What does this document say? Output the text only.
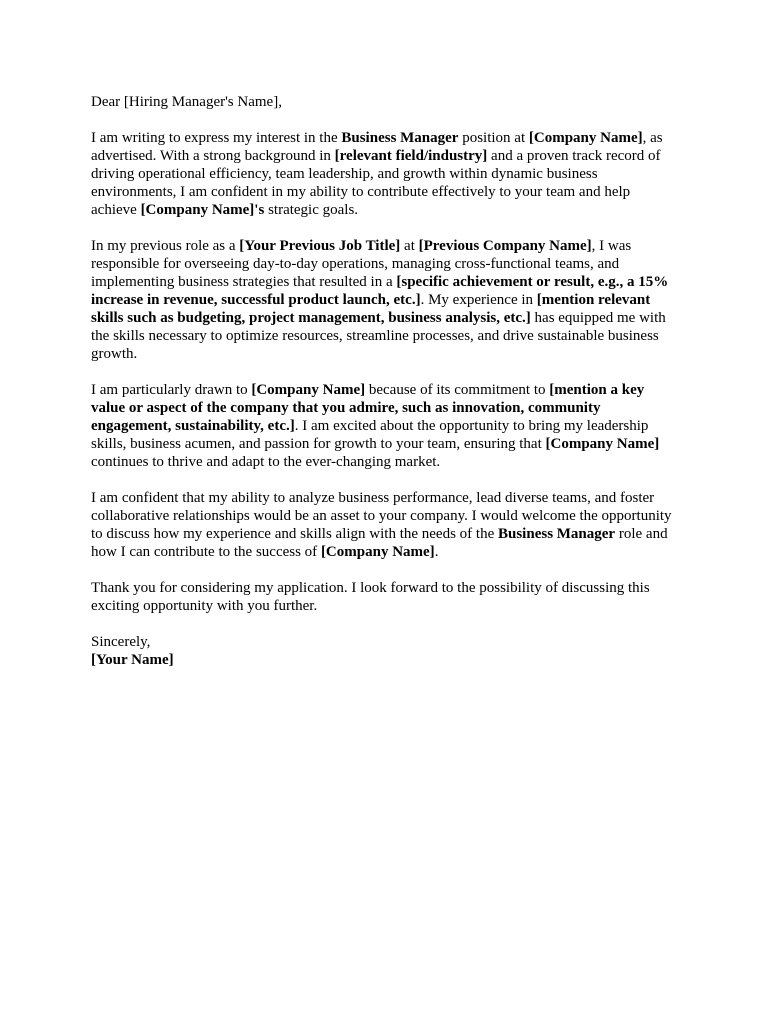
Dear [Hiring Manager's Name],

I am writing to express my interest in the Business Manager position at [Company Name], as advertised. With a strong background in [relevant field/industry] and a proven track record of driving operational efficiency, team leadership, and growth within dynamic business environments, I am confident in my ability to contribute effectively to your team and help achieve [Company Name]'s strategic goals.

In my previous role as a [Your Previous Job Title] at [Previous Company Name], I was responsible for overseeing day-to-day operations, managing cross-functional teams, and implementing business strategies that resulted in a [specific achievement or result, e.g., a 15% increase in revenue, successful product launch, etc.]. My experience in [mention relevant skills such as budgeting, project management, business analysis, etc.] has equipped me with the skills necessary to optimize resources, streamline processes, and drive sustainable business growth.

I am particularly drawn to [Company Name] because of its commitment to [mention a key value or aspect of the company that you admire, such as innovation, community engagement, sustainability, etc.]. I am excited about the opportunity to bring my leadership skills, business acumen, and passion for growth to your team, ensuring that [Company Name] continues to thrive and adapt to the ever-changing market.

I am confident that my ability to analyze business performance, lead diverse teams, and foster collaborative relationships would be an asset to your company. I would welcome the opportunity to discuss how my experience and skills align with the needs of the Business Manager role and how I can contribute to the success of [Company Name].

Thank you for considering my application. I look forward to the possibility of discussing this exciting opportunity with you further.

Sincerely,
[Your Name]
